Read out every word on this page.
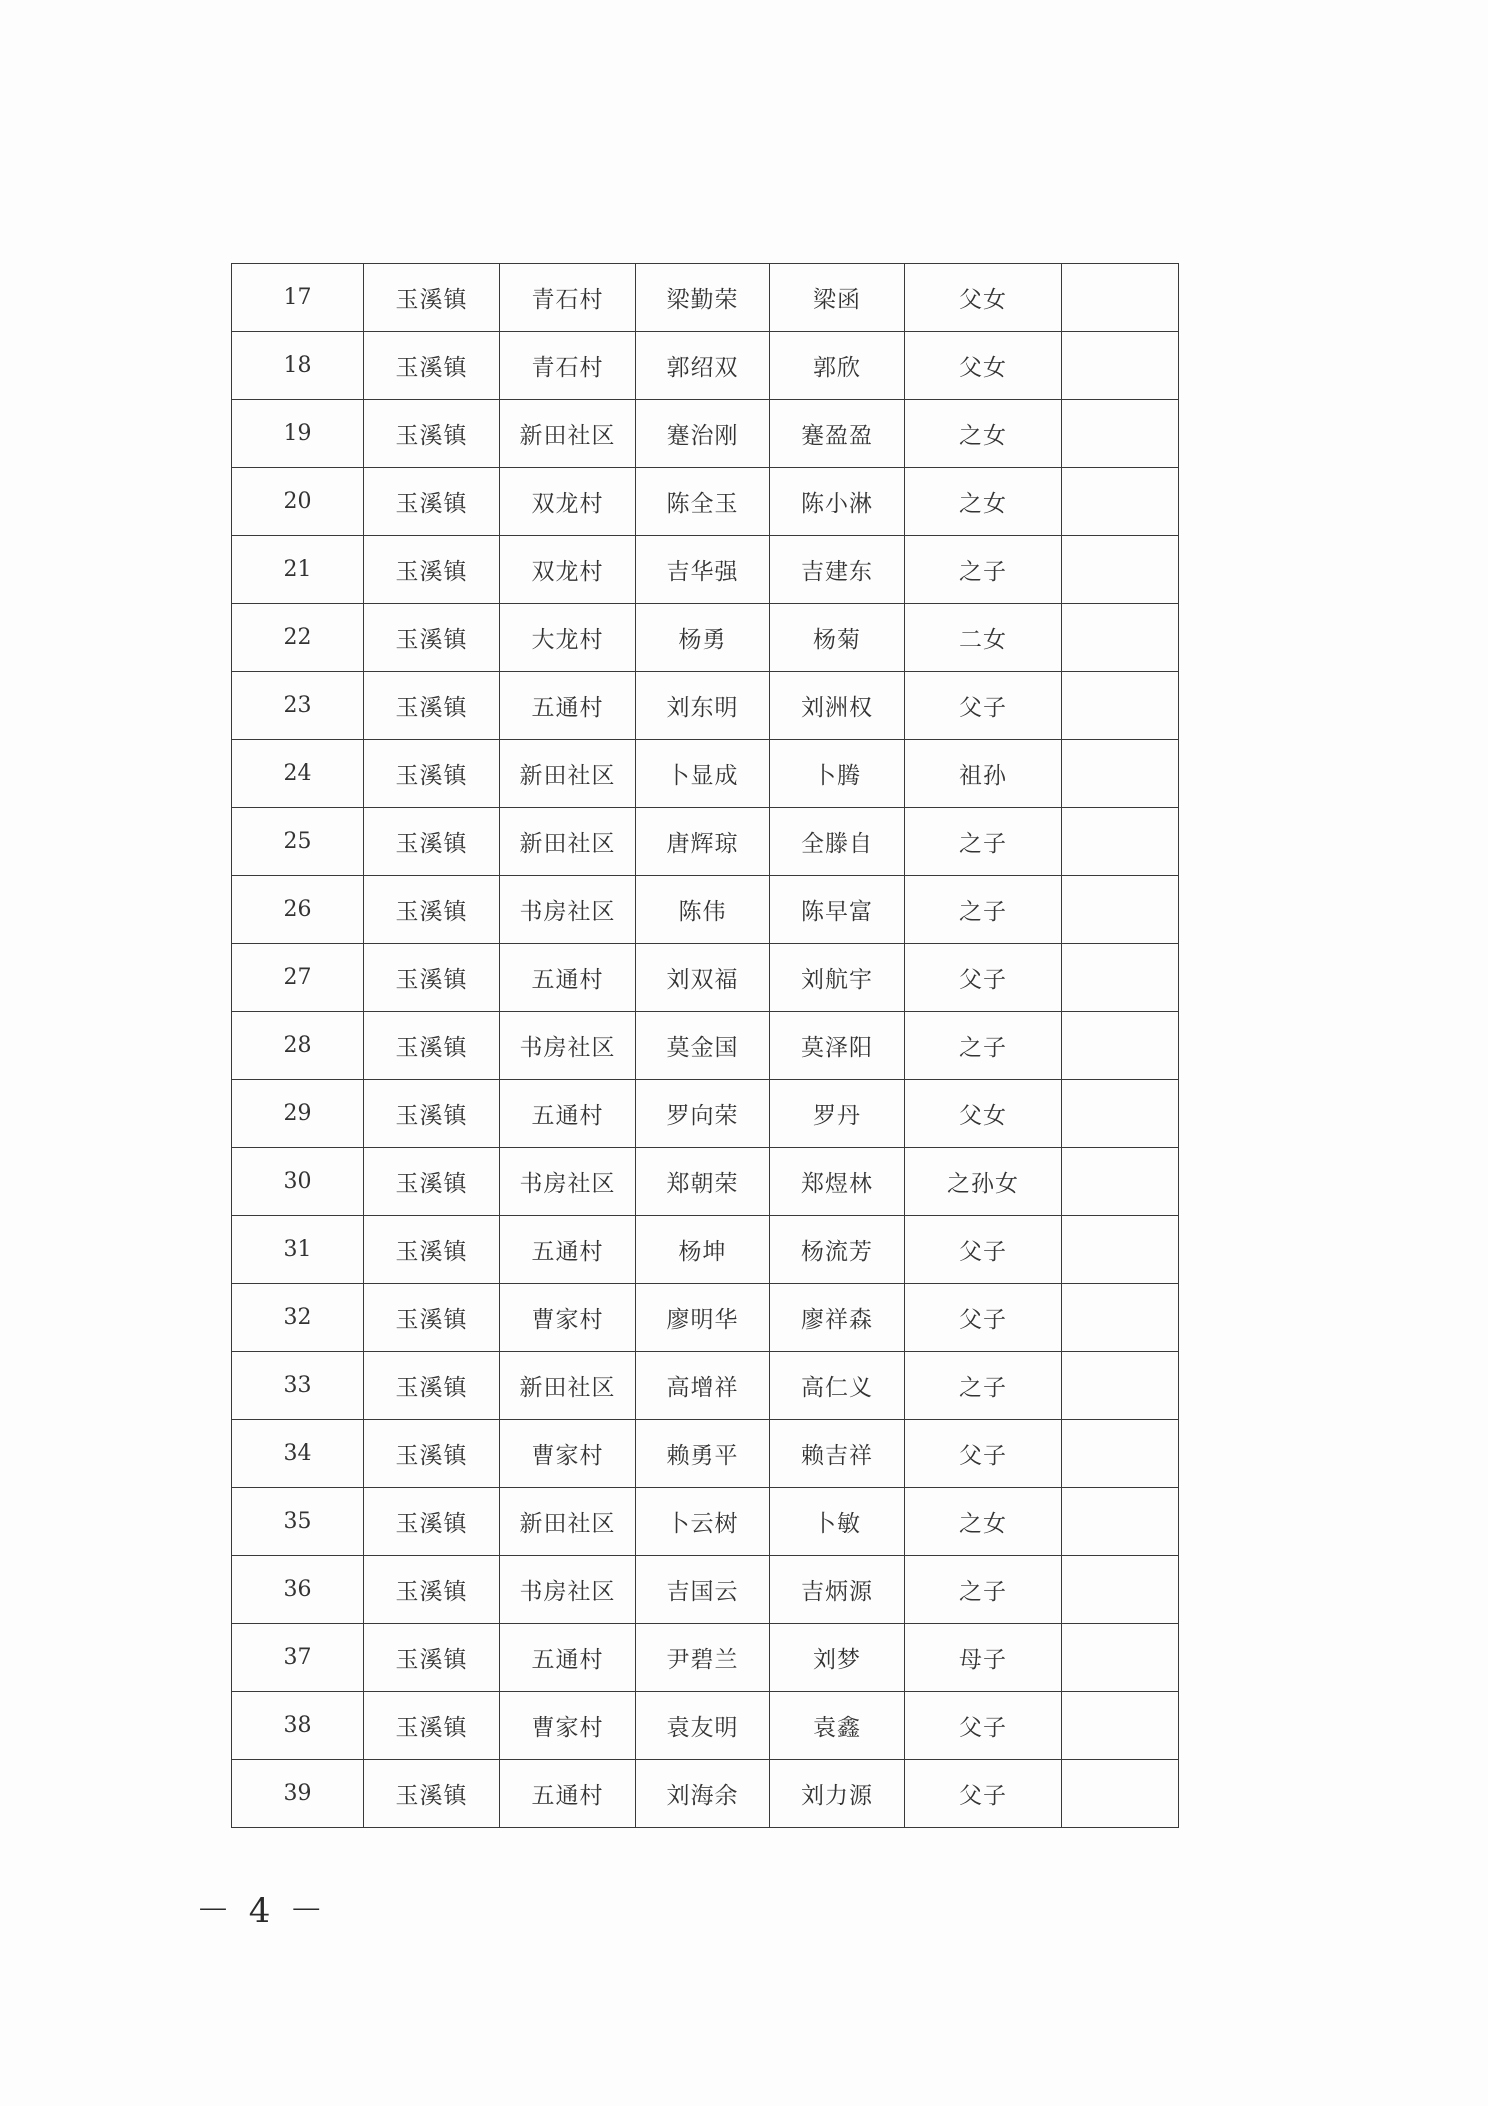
17	玉溪镇	青石村	梁勤荣	梁函	父女	
18	玉溪镇	青石村	郭绍双	郭欣	父女	
19	玉溪镇	新田社区	蹇治刚	蹇盈盈	之女	
20	玉溪镇	双龙村	陈全玉	陈小淋	之女	
21	玉溪镇	双龙村	吉华强	吉建东	之子	
22	玉溪镇	大龙村	杨勇	杨菊	二女	
23	玉溪镇	五通村	刘东明	刘洲权	父子	
24	玉溪镇	新田社区	卜显成	卜腾	祖孙	
25	玉溪镇	新田社区	唐辉琼	全滕自	之子	
26	玉溪镇	书房社区	陈伟	陈早富	之子	
27	玉溪镇	五通村	刘双福	刘航宇	父子	
28	玉溪镇	书房社区	莫金国	莫泽阳	之子	
29	玉溪镇	五通村	罗向荣	罗丹	父女	
30	玉溪镇	书房社区	郑朝荣	郑煜林	之孙女	
31	玉溪镇	五通村	杨坤	杨流芳	父子	
32	玉溪镇	曹家村	廖明华	廖祥森	父子	
33	玉溪镇	新田社区	高增祥	高仁义	之子	
34	玉溪镇	曹家村	赖勇平	赖吉祥	父子	
35	玉溪镇	新田社区	卜云树	卜敏	之女	
36	玉溪镇	书房社区	吉国云	吉炳源	之子	
37	玉溪镇	五通村	尹碧兰	刘梦	母子	
38	玉溪镇	曹家村	袁友明	袁鑫	父子	
39	玉溪镇	五通村	刘海余	刘力源	父子	
－ 4 －
